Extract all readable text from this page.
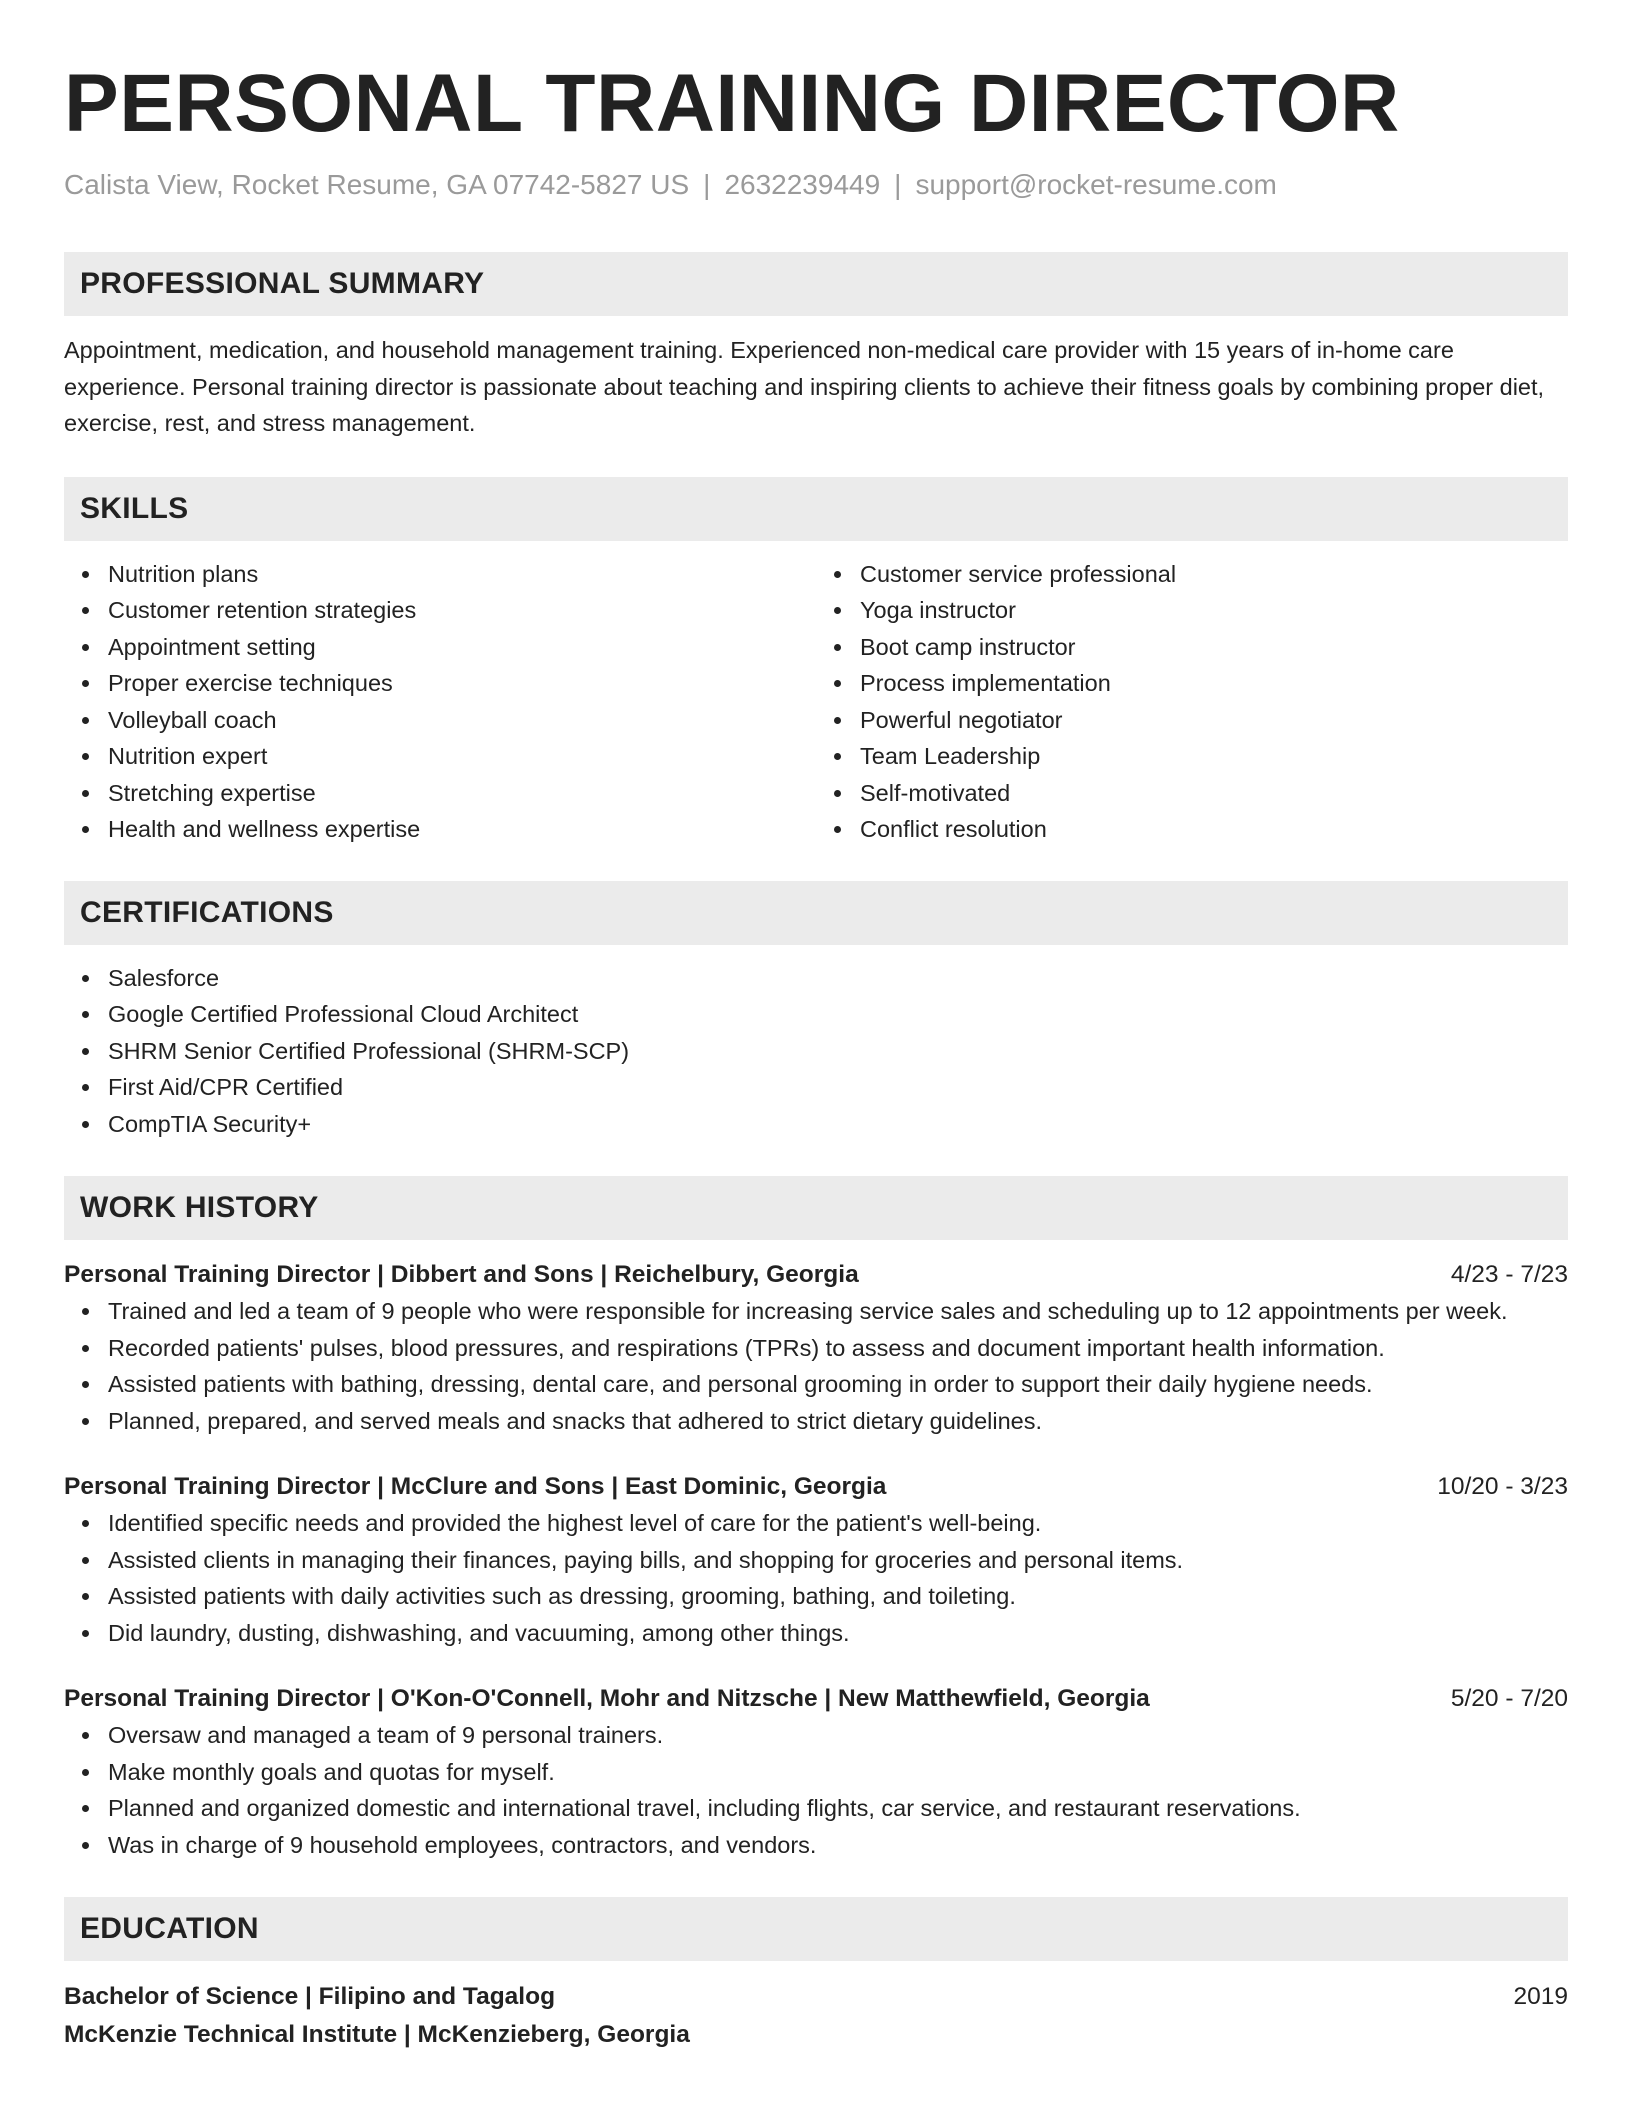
PERSONAL TRAINING DIRECTOR
Calista View, Rocket Resume, GA 07742-5827 US | 2632239449 | support@rocket-resume.com
PROFESSIONAL SUMMARY

Appointment, medication, and household management training. Experienced non-medical care provider with 15 years of in-home care experience. Personal training director is passionate about teaching and inspiring clients to achieve their fitness goals by combining proper diet, exercise, rest, and stress management.

SKILLS
Nutrition plans
Customer retention strategies
Appointment setting
Proper exercise techniques
Volleyball coach
Nutrition expert
Stretching expertise
Health and wellness expertise
Customer service professional
Yoga instructor
Boot camp instructor
Process implementation
Powerful negotiator
Team Leadership
Self-motivated
Conflict resolution
CERTIFICATIONS
Salesforce
Google Certified Professional Cloud Architect
SHRM Senior Certified Professional (SHRM-SCP)
First Aid/CPR Certified
CompTIA Security+
WORK HISTORY
Personal Training Director | Dibbert and Sons | Reichelbury, Georgia	4/23 - 7/23
Trained and led a team of 9 people who were responsible for increasing service sales and scheduling up to 12 appointments per week.
Recorded patients' pulses, blood pressures, and respirations (TPRs) to assess and document important health information.
Assisted patients with bathing, dressing, dental care, and personal grooming in order to support their daily hygiene needs.
Planned, prepared, and served meals and snacks that adhered to strict dietary guidelines.
Personal Training Director | McClure and Sons | East Dominic, Georgia	10/20 - 3/23
Identified specific needs and provided the highest level of care for the patient's well-being.
Assisted clients in managing their finances, paying bills, and shopping for groceries and personal items.
Assisted patients with daily activities such as dressing, grooming, bathing, and toileting.
Did laundry, dusting, dishwashing, and vacuuming, among other things.
Personal Training Director | O'Kon-O'Connell, Mohr and Nitzsche | New Matthewfield, Georgia	5/20 - 7/20
Oversaw and managed a team of 9 personal trainers.
Make monthly goals and quotas for myself.
Planned and organized domestic and international travel, including flights, car service, and restaurant reservations.
Was in charge of 9 household employees, contractors, and vendors.
EDUCATION
Bachelor of Science | Filipino and Tagalog	2019
McKenzie Technical Institute | McKenzieberg, Georgia
